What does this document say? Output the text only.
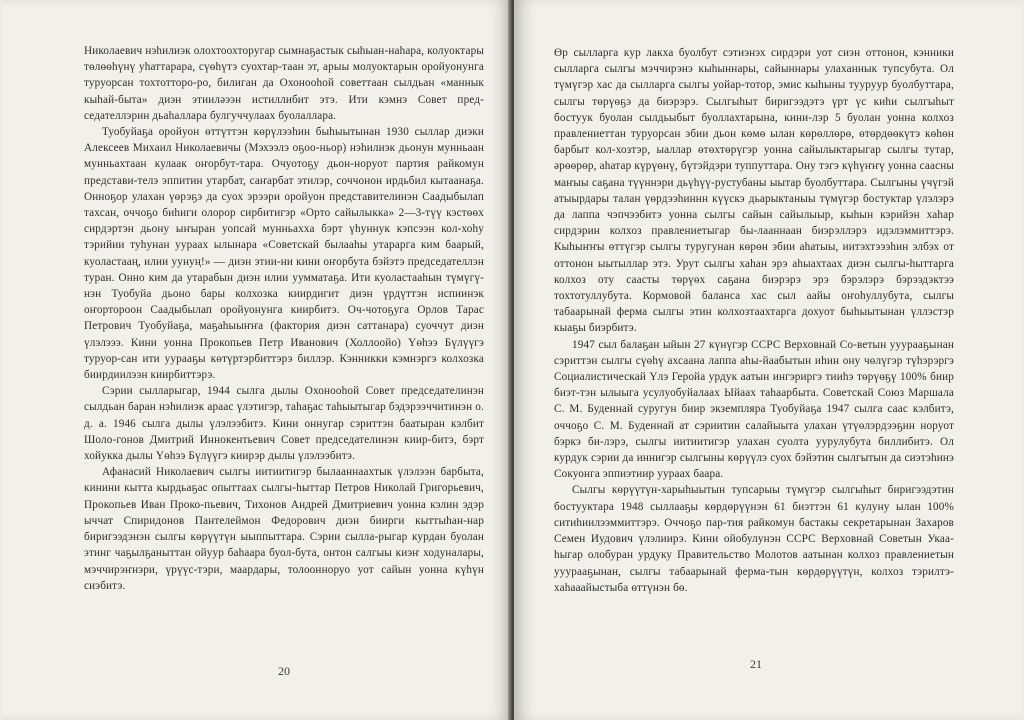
Николаевич нэһилиэк олохтоохторугар сымнаҕастык сыһыан-наһара, колуоктары төлөөһүнү уhаттарара, сүөһүтэ суохтар-таан эт, арыы молуоктарын оройуонунга туруорсан тохтотторо-ро, билиган да Охонооһой советтаан сылдьан «маннык кыhай-быта» диэн этииләээн истиллибит этэ. Ити кэмнэ Совет пред-седателлэрин дьаhаллара булгуччулаах буолаллара.

Туобуйаҕа оройуон өттүттэн көрүлээһин быһыытынан 1930 сыллар диэки Алексеев Михаил Николаевичы (Мэхээлэ оҕоо-ньор) нэһилиэк дьонун мунньаан мунньахтаан кулаак оҥорбут-тара. Очуотоҕу дьон-норуот партия райкомун представи-телэ эппитин утарбат, саҥарбат этилэр, соччонон ирдьбил кытаанаҕа. Онноҕор улахан үөрэҕэ да суох эрээри оройуон представителинэн Саадыбылап тахсан, оччоҕо биһиги олорор сирбитигэр «Орто сайылыкка» 2—3-түү кэстөөх сирдэртэн дьону ыҥыран уопсай мунньахха бэрт үһуннук кэпсээн кол-хоһу тэрийии туһунан уураах ылынара «Советскай былааhы утарарга ким баарый, куоластааң, илии уунуң!» — диэн этии-ни кини оҥорбута бэйэтэ председателлэн туран. Онно ким да утарабын диэн илии уумматаҕа. Ити куоластааһын түмүгү-нэн Туобуйа дьоно бары колхозка киирдигит диэн үрдүттэн испиинэк оҥортороон Саадыбылап оройуонунга киирбитэ. Оч-чотоҕуга Орлов Тарас Петрович Туобуйаҕа, маҕаһыыҥҥа (фактория диэн саттанара) суоччут диэн үлэлэээ. Кини уонна Прокопьев Петр Иванович (Холлоойо) Үөһээ Бүлүүгэ туруор-сан ити уураaҕы көтүртэрбиттэрэ биллэр. Кэнникки кэмнэргэ колхозка биирдиилээн киирбиттэрэ.

Сэрии сылларыгар, 1944 сылга дылы Охонооһой Совет председателинэн сылдьан баран нэһилиэк араас үлэтигэр, таһаҕас таһыытыгар бэдэрээччитинэн о. д. а. 1946 сылга дылы үлэлээбитэ. Кини оннугар сэриттэн баатыран кэлбит Шоло-гонов Дмитрий Иннокентьевич Совет председателинэн киир-битэ, бэрт хойукка дылы Үөһээ Бүлүүгэ киирэр дылы үлэлээбитэ.

Афанасий Николаевич сылгы иитиитигэр былааннаахтык үлэлээн барбыта, кинини кытта кырдьаҕас опыттаах сылгы-һыттар Петров Николай Григорьевич, Прокопьев Иван Проко-пьевич, Тихонов Андрей Дмитриевич уонна кэлин эдэр ыччат Спиридонов Пантелеймон Федорович диэн биирги кыттыһан-нар биригээдэнэн сылгы көрүүтүн ыыппыттара. Сэрии сылла-рыгар курдан буолан этинг чаҕылҕаныттан ойуур баhаара буол-бута, онтон салгыы киэҥ ходуналары, мэччирэҥнэри, үрүүс-тэри, маардары, толоонноруо уот сайын уонна күһүн сиэбитэ.

20

Өр сылларга кур лакха буолбут сэтиэнэх сирдэри уот сиэн оттонон, кэнники сылларга сылгы мэччирэнэ кыhыннары, сайыннары улаханнык тупсубута. Ол түмүгэр хас да сылларга сылгы уойар-тотор, эмис кыһыны тууруур буолбуттара, сылгы төрүөҕэ да биэрэрэ. Сылгыһыт биригээдэтэ үрт үс киһи сылгыһыт бостуук буолан сылдьыбыт буоллахтарына, кини-лэр 5 буолан уонна колхоз правлениеттан туруорсан эбии дьон көмө ылан көрөллөрө, өтөрдөөкүтэ көһөн барбыт кол-хозтэр, ыаллар өтөхтөрүгэр уонна сайылыктарыгар сылгы тутар, әрөөрөр, аһатар күрүөнү, бүтэйдэри туппуттара. Ону тэгэ күһүҥҥү уонна саасны маҥыы саҕана түүннэри дьүһүү-рустубаны ыытар буолбуттара. Сылгыны үчүгэй атыырдары талан үөрдээһиннн күүскэ дьарыктаныы түмүгэр бостуктар үлэлэрэ да лаппа чэпчээбитэ уонна сылгы сайын сайылыыр, кыһын кэрийэн хаһар сирдэрин колхоз правлениетыгар бы-лааннаан биэрэллэрэ идэлэммиттэрэ. Кыһыҥҥы өттүгэр сылгы туругунан көрөн эбии аһатыы, иитэхтэээһин элбэх от оттонон ыытыллар этэ. Урут сылгы хаһан эрэ аһыахтаах диэн сылгы-һыттарга колхоз оту саасты төрүөх саҕана биэрэрэ эрэ бэрэлэрэ бэрээдэктээ тохтотуллубута. Кормовой баланса хас сыл аайы оҥоһуллубута, сылгы табаарынай ферма сылгы этин колхозтаахтарга дохуот быһыытынан үллэстэр кыаҕы биэрбитэ.

1947 сыл балаҕан ыйын 27 күнүгэр ССРС Верховнай Со-ветын ууураaҕынан сэриттэн сылгы сүөһү ахсаана лаппа аһы-йаабытын иһин ону чөлүгэр түһэрэргэ Социалистическай Үлэ Геройа урдук аатын ингэриргэ тииһэ төрүөҕү 100% биир биэт-тэн ылыыга усулуобуйалаах Ыйаах таһаарбыта. Советскай Союз Маршала С. М. Буденнай суругун биир экземпляра Туобуйаҕа 1947 сылга саас кэлбитэ, оччоҕо С. М. Буденнай ат сэриитин салайыыта улахан үтүөлэрдээҕин норуот бэркэ би-лэрэ, сылгы иитиитигэр улахан суолта уурулубута биллибитэ. Ол курдук сэрии да иннигэр сылгыны көрүүлэ суох бэйэтин сылгытын да сиэтэһинэ Сокуонга эппиэтиир уураах баара.

Сылгы көрүүтүн-харыһыытын тупсарыы түмүгэр сылгыһыт биригээдэтин бостууктара 1948 сыллааҕы көрдөрүүнэн 61 биэттэн 61 кулуну ылан 100% ситиһиилээммиттэрэ. Оччоҕо пар-тия райкомун бастакы секретарынан Захаров Семен Иудович үлэлиирэ. Кини ойобулунэн ССРС Верховнай Советын Укаа-һыгар олобуран урдуку Правительство Молотов аатынан колхоз правлениетын ууураaҕынан, сылгы табаарынай ферма-тын көрдөрүүтүн, колхоз тэрилтэ-хаһааайыстыба өттүнэн бө.

21
